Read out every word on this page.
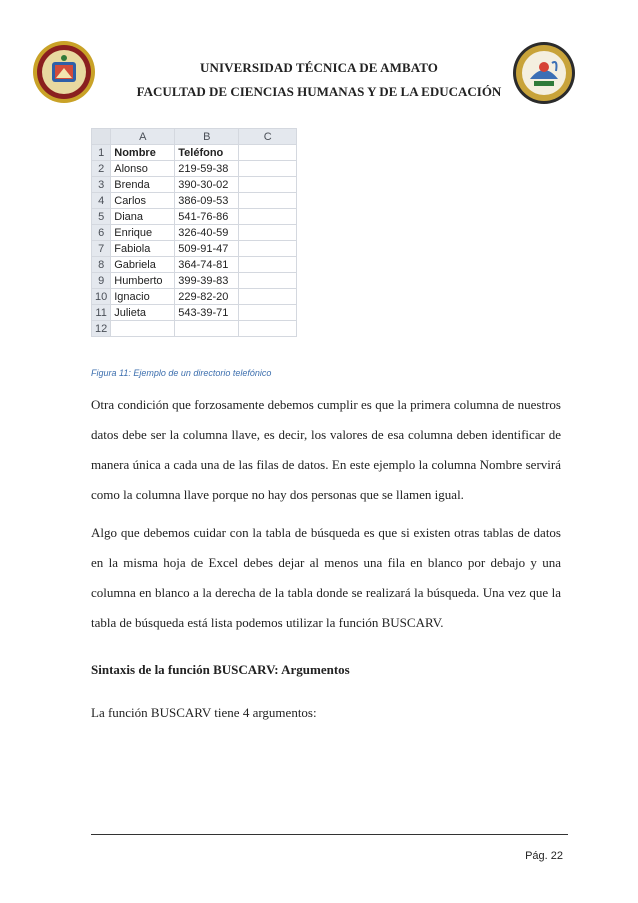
UNIVERSIDAD TÉCNICA DE AMBATO
FACULTAD DE CIENCIAS HUMANAS Y DE LA EDUCACIÓN
	A	B	C
1	Nombre	Teléfono	
2	Alonso	219-59-38	
3	Brenda	390-30-02	
4	Carlos	386-09-53	
5	Diana	541-76-86	
6	Enrique	326-40-59	
7	Fabiola	509-91-47	
8	Gabriela	364-74-81	
9	Humberto	399-39-83	
10	Ignacio	229-82-20	
11	Julieta	543-39-71	
12			
Figura 11: Ejemplo de un directorio telefónico

Otra condición que forzosamente debemos cumplir es que la primera columna de nuestros datos debe ser la columna llave, es decir, los valores de esa columna deben identificar de manera única a cada una de las filas de datos. En este ejemplo la columna Nombre servirá como la columna llave porque no hay dos personas que se llamen igual.

Algo que debemos cuidar con la tabla de búsqueda es que si existen otras tablas de datos en la misma hoja de Excel debes dejar al menos una fila en blanco por debajo y una columna en blanco a la derecha de la tabla donde se realizará la búsqueda. Una vez que la tabla de búsqueda está lista podemos utilizar la función BUSCARV.

Sintaxis de la función BUSCARV: Argumentos

La función BUSCARV tiene 4 argumentos:

Pág. 22
